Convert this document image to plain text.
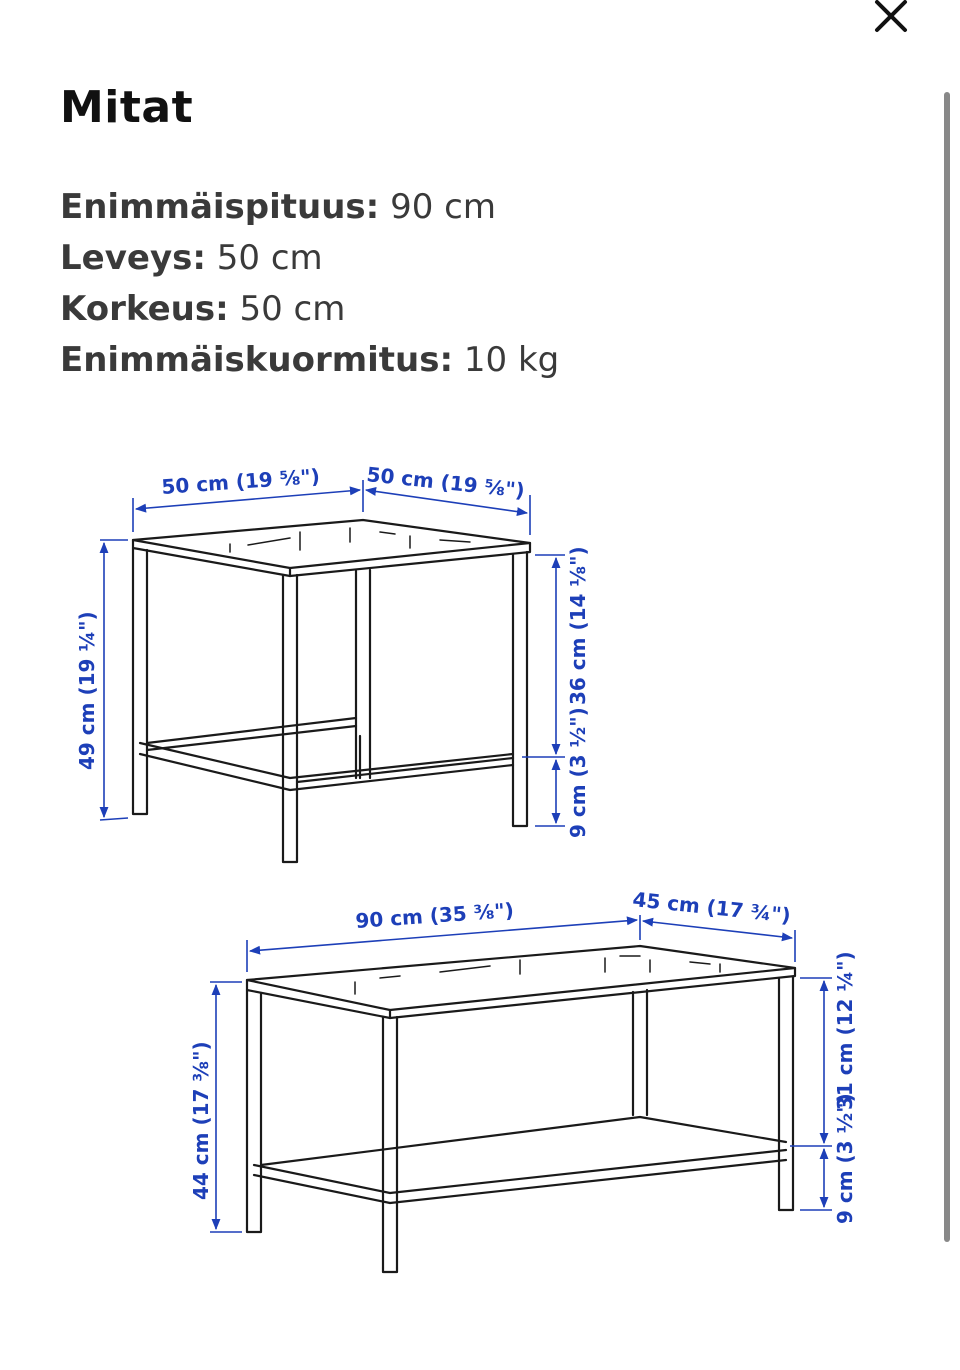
Mitat
Enimmäispituus: 90 cm
Leveys: 50 cm
Korkeus: 50 cm
Enimmäiskuormitus: 10 kg
50 cm (19 ⅝") 50 cm (19 ⅝")
49 cm (19 ¼")	36 cm (14 ⅛")
9 cm (3 ½")
90 cm (35 ⅜")	45 cm (17 ¾")
44 cm (17 ⅜")
31 cm (12 ¼")
9 cm (3 ½")
